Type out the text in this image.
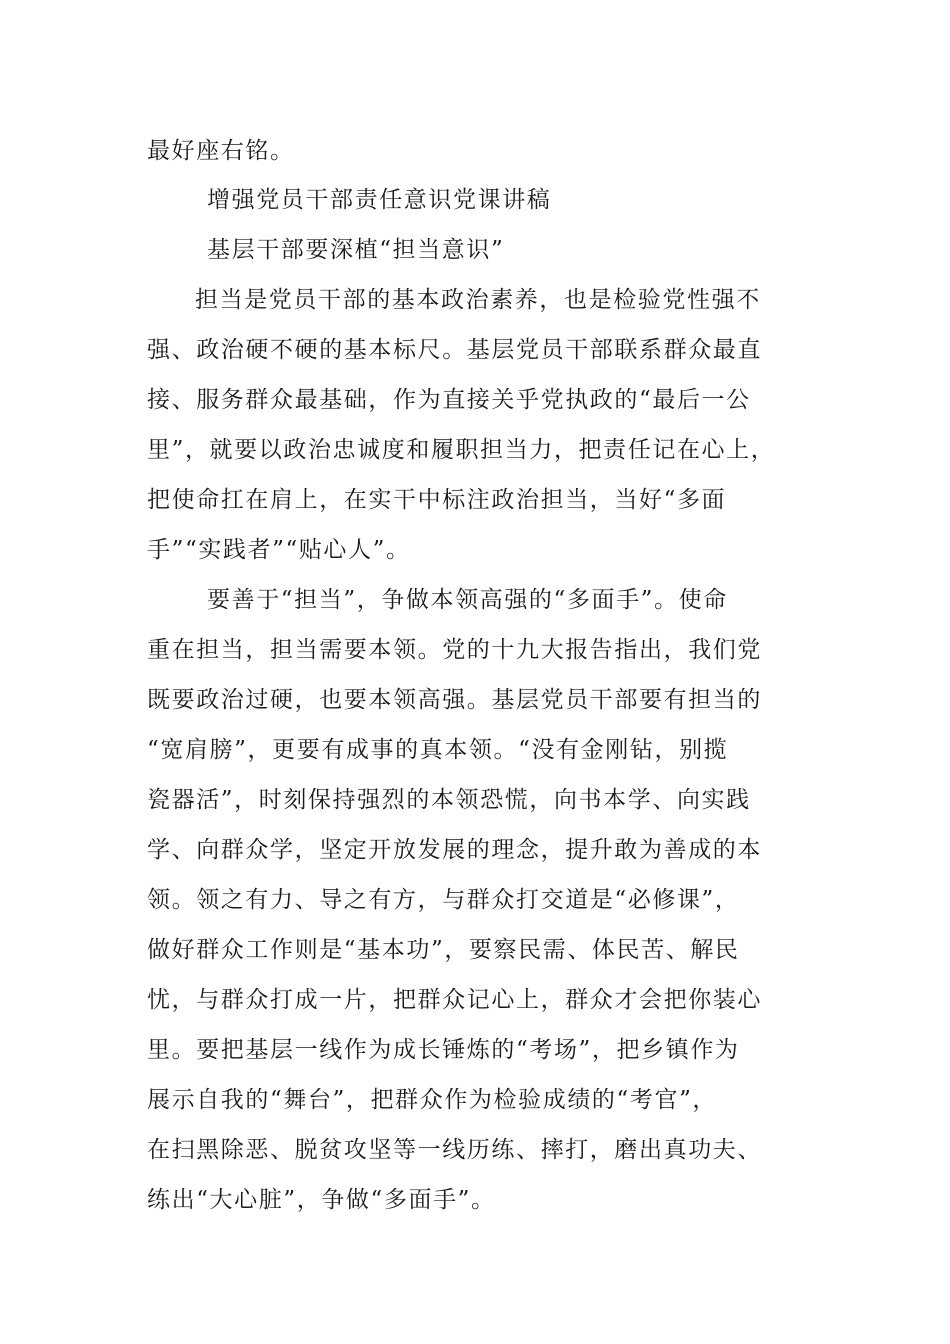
最好座右铭。
增强党员干部责任意识党课讲稿
基层干部要深植“担当意识”
担当是党员干部的基本政治素养，也是检验党性强不
强、政治硬不硬的基本标尺。基层党员干部联系群众最直
接、服务群众最基础，作为直接关乎党执政的“最后一公
里”，就要以政治忠诚度和履职担当力，把责任记在心上，
把使命扛在肩上，在实干中标注政治担当，当好“多面
手”“实践者”“贴心人”。
要善于“担当”，争做本领高强的“多面手”。使命
重在担当，担当需要本领。党的十九大报告指出，我们党
既要政治过硬，也要本领高强。基层党员干部要有担当的
“宽肩膀”，更要有成事的真本领。“没有金刚钻，别揽
瓷器活”，时刻保持强烈的本领恐慌，向书本学、向实践
学、向群众学，坚定开放发展的理念，提升敢为善成的本
领。领之有力、导之有方，与群众打交道是“必修课”，
做好群众工作则是“基本功”，要察民需、体民苦、解民
忧，与群众打成一片，把群众记心上，群众才会把你装心
里。要把基层一线作为成长锤炼的“考场”，把乡镇作为
展示自我的“舞台”，把群众作为检验成绩的“考官”，
在扫黑除恶、脱贫攻坚等一线历练、摔打，磨出真功夫、
练出“大心脏”，争做“多面手”。
